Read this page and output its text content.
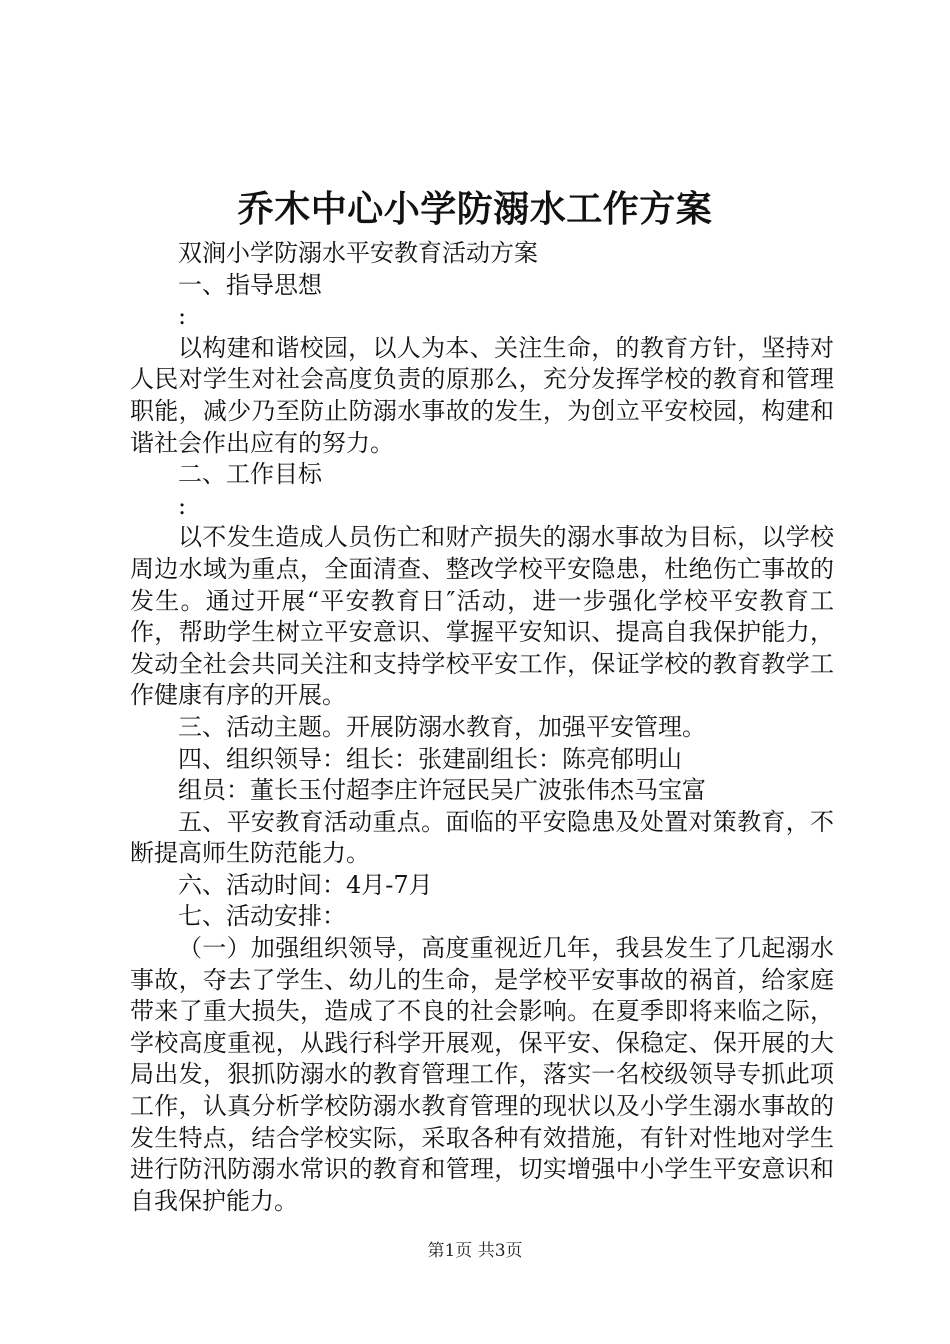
乔木中心小学防溺水工作方案

双涧小学防溺水平安教育活动方案

一、指导思想

:

以构建和谐校园，以人为本、关注生命，的教育方针，坚持对人民对学生对社会高度负责的原那么，充分发挥学校的教育和管理职能，减少乃至防止防溺水事故的发生，为创立平安校园，构建和谐社会作出应有的努力。

二、工作目标

:

以不发生造成人员伤亡和财产损失的溺水事故为目标，以学校周边水域为重点，全面清查、整改学校平安隐患，杜绝伤亡事故的发生。通过开展“平安教育日″活动，进一步强化学校平安教育工作，帮助学生树立平安意识、掌握平安知识、提高自我保护能力，发动全社会共同关注和支持学校平安工作，保证学校的教育教学工作健康有序的开展。

三、活动主题。开展防溺水教育，加强平安管理。

四、组织领导：组长：张建副组长：陈亮郁明山

组员：董长玉付超李庄许冠民吴广波张伟杰马宝富

五、平安教育活动重点。面临的平安隐患及处置对策教育，不断提高师生防范能力。

六、活动时间：4月-7月

七、活动安排：

（一）加强组织领导，高度重视近几年，我县发生了几起溺水事故，夺去了学生、幼儿的生命，是学校平安事故的祸首，给家庭带来了重大损失，造成了不良的社会影响。在夏季即将来临之际，学校高度重视，从践行科学开展观，保平安、保稳定、保开展的大局出发，狠抓防溺水的教育管理工作，落实一名校级领导专抓此项工作，认真分析学校防溺水教育管理的现状以及小学生溺水事故的发生特点，结合学校实际，采取各种有效措施，有针对性地对学生进行防汛防溺水常识的教育和管理，切实增强中小学生平安意识和自我保护能力。

第1页 共3页
